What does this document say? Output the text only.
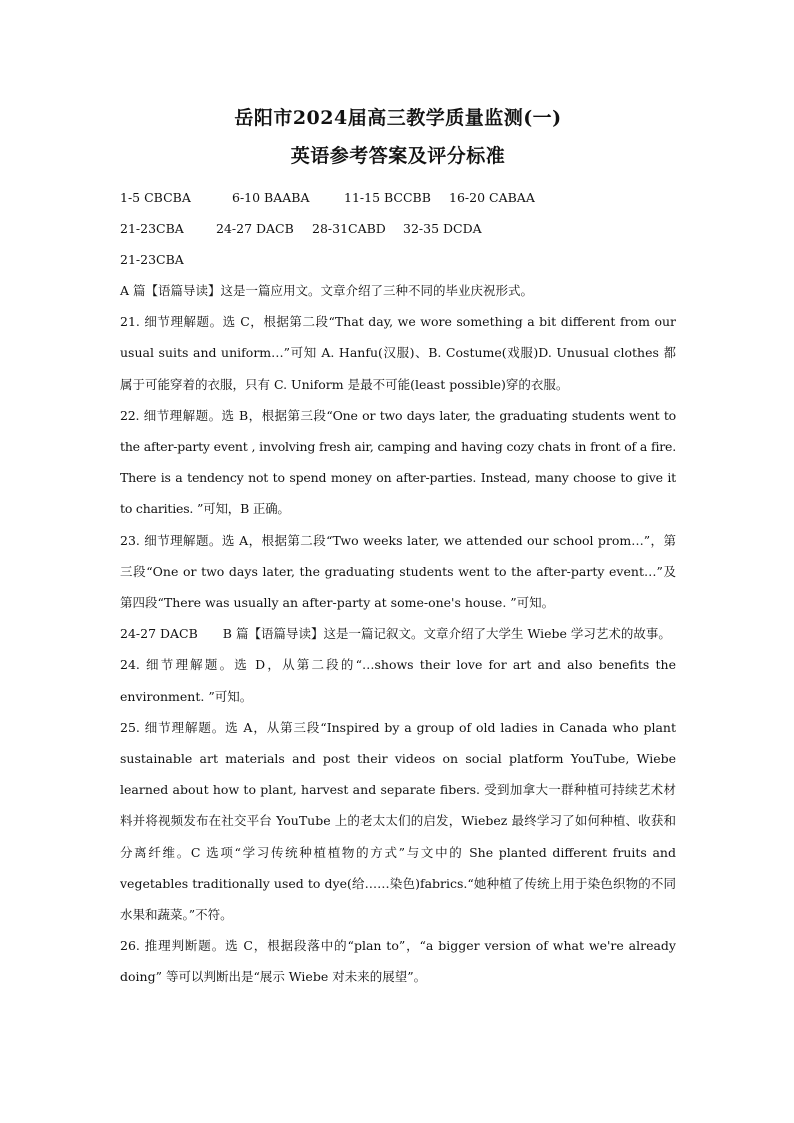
岳阳市2024届高三教学质量监测(一)
英语参考答案及评分标准
1-5 CBCBA	6-10 BAABA	11-15 BCCBB	16-20 CABAA
21-23CBA	24-27 DACB	28-31CABD	32-35 DCDA
21-23CBA

A 篇【语篇导读】这是一篇应用文。文章介绍了三种不同的毕业庆祝形式。

21. 细节理解题。选 C，根据第二段“That day, we wore something a bit different from our usual suits and uniform…”可知 A. Hanfu(汉服)、B. Costume(戏服)D. Unusual clothes 都属于可能穿着的衣服，只有 C. Uniform 是最不可能(least possible)穿的衣服。

22. 细节理解题。选 B，根据第三段“One or two days later, the graduating students went to the after-party event , involving fresh air, camping and having cozy chats in front of a fire. There is a tendency not to spend money on after-parties. Instead, many choose to give it to charities. ”可知，B 正确。

23. 细节理解题。选 A，根据第二段“Two weeks later, we attended our school prom…”，第三段“One or two days later, the graduating students went to the after-party event…”及第四段“There was usually an after-party at some-one's house. ”可知。

24-27 DACB　　B 篇【语篇导读】这是一篇记叙文。文章介绍了大学生 Wiebe 学习艺术的故事。

24. 细节理解题。选 D，从第二段的“…shows their love for art and also benefits the environment. ”可知。

25. 细节理解题。选 A，从第三段“Inspired by a group of old ladies in Canada who plant sustainable art materials and post their videos on social platform YouTube, Wiebe learned about how to plant, harvest and separate fibers. 受到加拿大一群种植可持续艺术材料并将视频发布在社交平台 YouTube 上的老太太们的启发，Wiebez 最终学习了如何种植、收获和分离纤维。C 选项“学习传统种植植物的方式”与文中的 She planted different fruits and vegetables traditionally used to dye(给……染色)fabrics.“她种植了传统上用于染色织物的不同水果和蔬菜。”不符。

26. 推理判断题。选 C，根据段落中的“plan to”，“a bigger version of what we're already doing” 等可以判断出是“展示 Wiebe 对未来的展望”。
